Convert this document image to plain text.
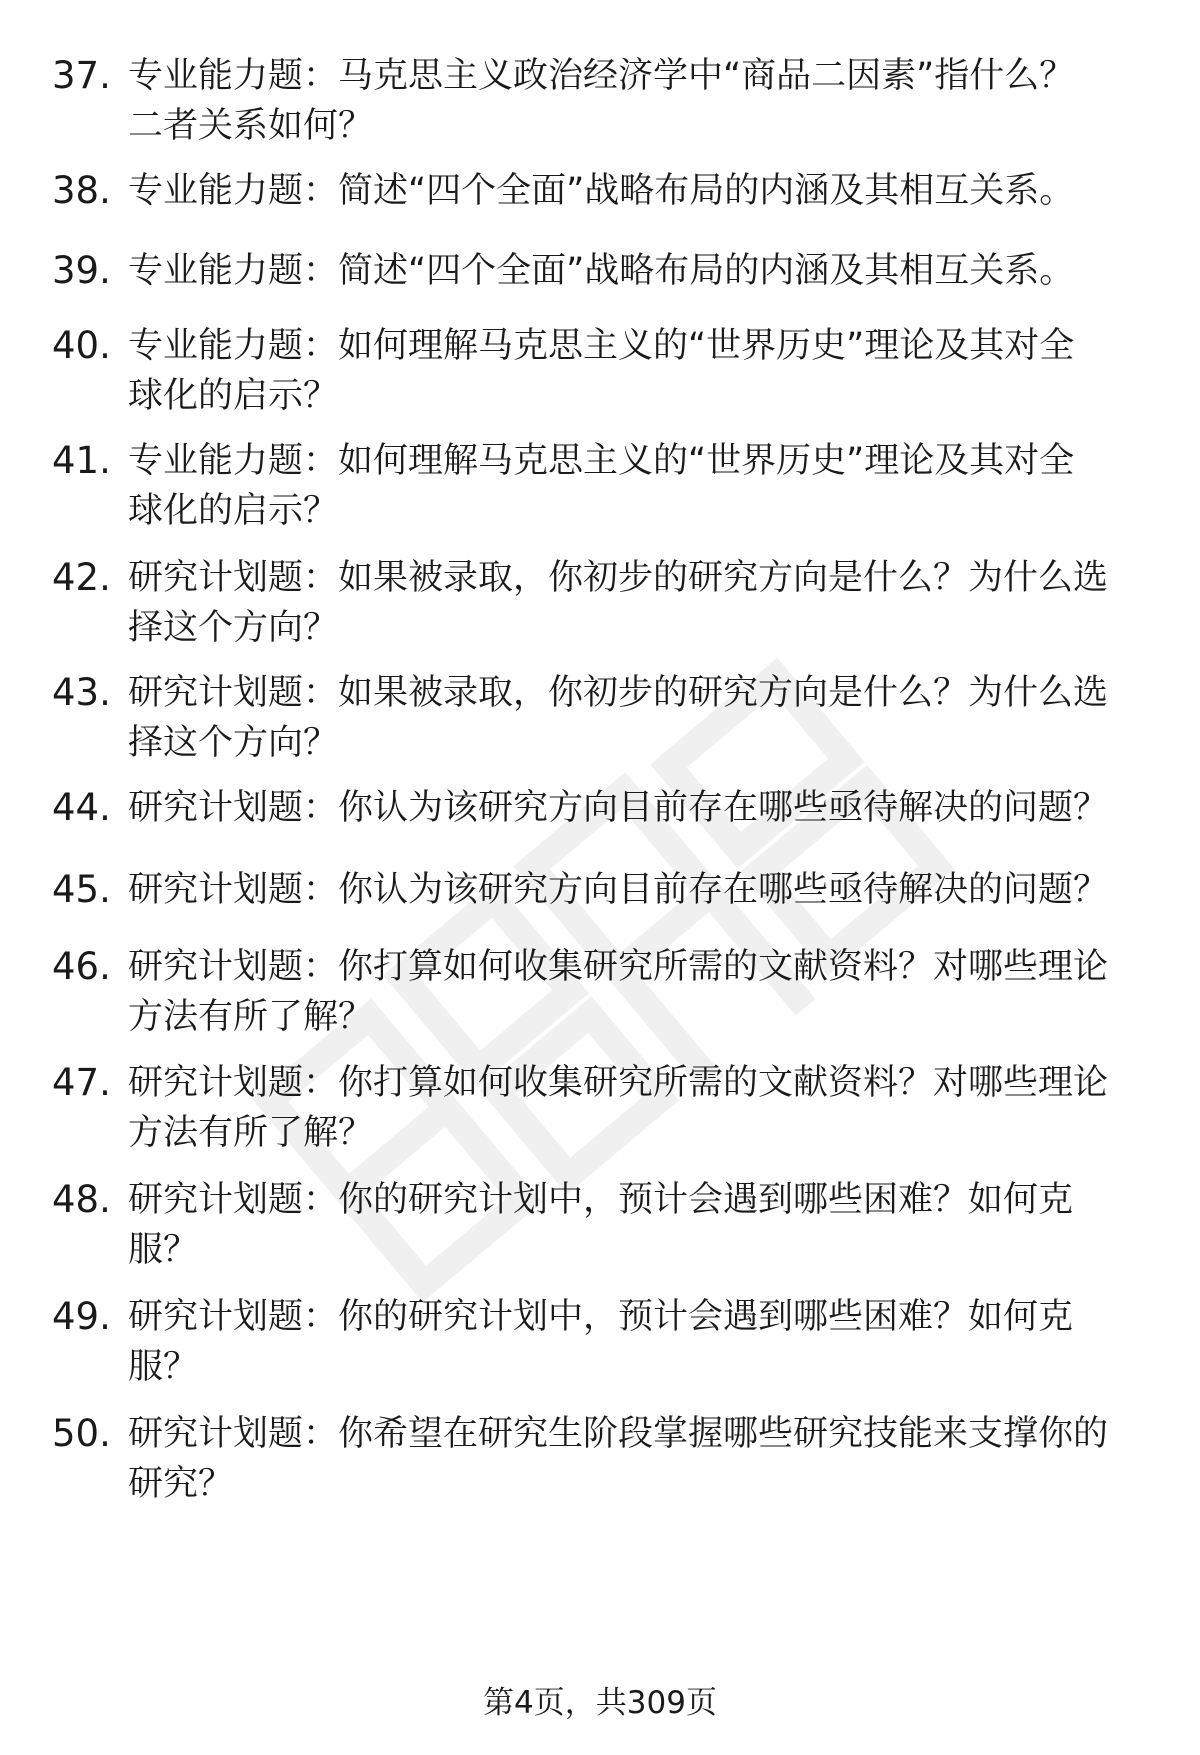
37. 专业能力题：马克思主义政治经济学中“商品二因素”指什么？
二者关系如何？
38. 专业能力题：简述“四个全面”战略布局的内涵及其相互关系。
39. 专业能力题：简述“四个全面”战略布局的内涵及其相互关系。
40. 专业能力题：如何理解马克思主义的“世界历史”理论及其对全
球化的启示？
41. 专业能力题：如何理解马克思主义的“世界历史”理论及其对全
球化的启示？
42. 研究计划题：如果被录取，你初步的研究方向是什么？为什么选
择这个方向？
43. 研究计划题：如果被录取，你初步的研究方向是什么？为什么选
择这个方向？
44. 研究计划题：你认为该研究方向目前存在哪些亟待解决的问题？
45. 研究计划题：你认为该研究方向目前存在哪些亟待解决的问题？
46. 研究计划题：你打算如何收集研究所需的文献资料？对哪些理论
方法有所了解？
47. 研究计划题：你打算如何收集研究所需的文献资料？对哪些理论
方法有所了解？
48. 研究计划题：你的研究计划中，预计会遇到哪些困难？如何克
服？
49. 研究计划题：你的研究计划中，预计会遇到哪些困难？如何克
服？
50. 研究计划题：你希望在研究生阶段掌握哪些研究技能来支撑你的
研究？
第4页，共309页
